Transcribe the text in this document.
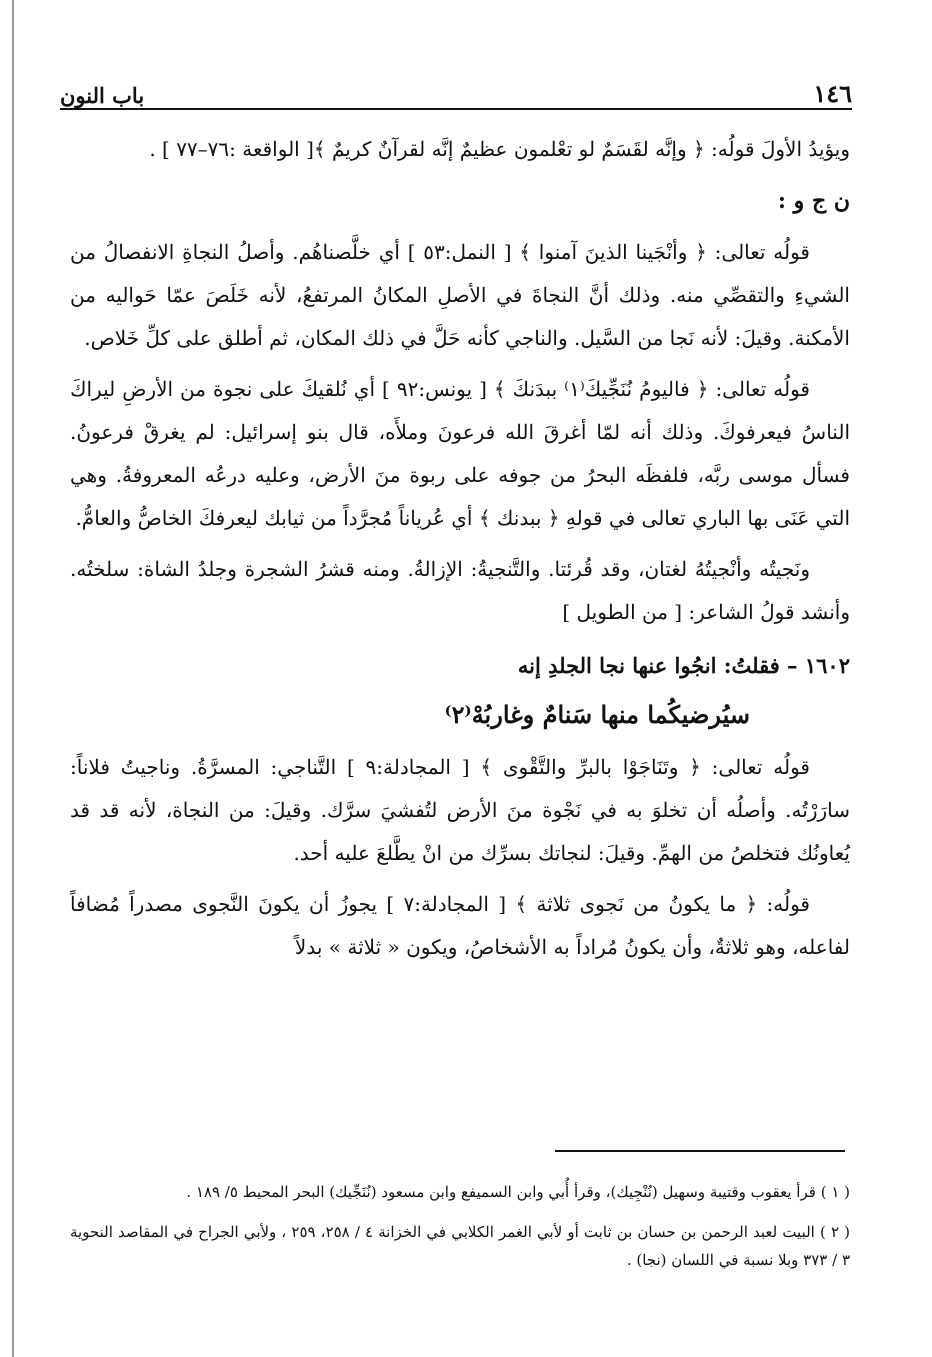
باب النون	١٤٦

ويؤيدُ الأولَ قولُه: ﴿ وإنَّه لقَسَمٌ لو تعْلمون عظيمٌ إنَّه لقرآنٌ كريمٌ ﴾[ الواقعة :٧٦–٧٧ ] .

ن ج و :

قولُه تعالى: ﴿ وأنْجَينا الذينَ آمنوا ﴾ [ النمل:٥٣ ] أي خلَّصناهُم. وأصلُ النجاةِ الانفصالُ من الشيءِ والتقصِّي منه. وذلك أنَّ النجاةَ في الأصلِ المكانُ المرتفعُ، لأنه خَلَصَ عمّا حَواليه من الأمكنة. وقيلَ: لأنه نَجا من السَّيل. والناجي كأنه حَلَّ في ذلك المكان، ثم أطلق على كلِّ خَلاص.

قولُه تعالى: ﴿ فاليومُ نُنَجِّيكَ⁽١⁾ ببدَنكَ ﴾ [ يونس:٩٢ ] أي نُلقيكَ على نجوة من الأرضِ ليراكَ الناسُ فيعرفوكَ. وذلك أنه لمّا أغرقَ الله فرعونَ وملأَه، قال بنو إسرائيل: لم يغرقْ فرعونُ. فسأل موسى ربَّه، فلفظَه البحرُ من جوفه على ربوة منَ الأرض، وعليه درعُه المعروفةُ. وهي التي عَنَى بها الباري تعالى في قولهِ ﴿ ببدنك ﴾ أي عُرياناً مُجرَّداً من ثيابك ليعرفكَ الخاصُّ والعامُّ.

ونَجيتُه وأنْجيتُهُ لغتان، وقد قُرئتا. والتَّنجيةُ: الإزالةُ. ومنه قشرُ الشجرة وجلدُ الشاة: سلختُه. وأنشد قولُ الشاعر: [ من الطويل ]

١٦٠٢ – فقلتُ: انجُوا عنها نجا الجلدِ إنه

سيُرضيكُما منها سَنامٌ وغاربُهْ⁽٢⁾

قولُه تعالى: ﴿ وتَنَاجَوْا بالبرِّ والتَّقْوى ﴾ [ المجادلة:٩ ] التَّناجي: المسرَّةُ. وناجيتُ فلاناً: سارَرْتُه. وأصلُه أن تخلوَ به في نَجْوة منَ الأرض لتُفشيَ سرَّك. وقيلَ: من النجاة، لأنه قد قد يُعاونُك فتخلصُ من الهمِّ. وقيلَ: لنجاتك بسرِّك من انْ يطَّلعَ عليه أحد.

قولُه: ﴿ ما يكونُ من نَجوى ثلاثة ﴾ [ المجادلة:٧ ] يجوزُ أن يكونَ النَّجوى مصدراً مُضافاً لفاعله، وهو ثلاثةٌ، وأن يكونُ مُراداً به الأشخاصُ، ويكون « ثلاثة » بدلاً

( ١ ) قرأ يعقوب وقتيبة وسهيل (نُنْجِيك)، وقرأ أُبي وابن السميفع وابن مسعود (نُنَجِّيك) البحر المحيط ٥/ ١٨٩ .

( ٢ ) البيت لعبد الرحمن بن حسان بن ثابت أو لأبي الغمر الكلابي في الخزانة ٤ / ٢٥٨، ٢٥٩ ، ولأبي الجراح في المقاصد النحوية ٣ / ٣٧٣ وبلا نسبة في اللسان (نجا) .
